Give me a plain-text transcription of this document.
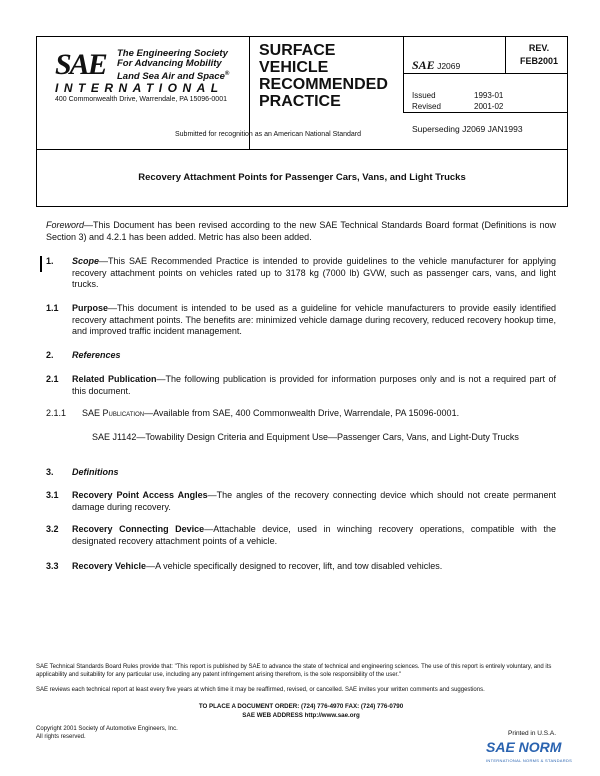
SAE The Engineering Society
For Advancing Mobility
Land Sea Air and Space®
INTERNATIONAL
400 Commonwealth Drive, Warrendale, PA 15096-0001
SURFACE
VEHICLE
RECOMMENDED
PRACTICE
Submitted for recognition as an American National Standard
SAE J2069
REV.
FEB2001
Issued	1993-01
Revised	2001-02
Superseding J2069 JAN1993
Recovery Attachment Points for Passenger Cars, Vans, and Light Trucks
Foreword—This Document has been revised according to the new SAE Technical Standards Board format (Definitions is now Section 3) and 4.2.1 has been added. Metric has also been added.
1. Scope—This SAE Recommended Practice is intended to provide guidelines to the vehicle manufacturer for applying recovery attachment points on vehicles rated up to 3178 kg (7000 lb) GVW, such as passenger cars, vans, and light trucks.
1.1 Purpose—This document is intended to be used as a guideline for vehicle manufacturers to provide easily identified recovery attachment points. The benefits are: minimized vehicle damage during recovery, reduced recovery hookup time, and improved traffic incident management.
2. References
2.1 Related Publication—The following publication is provided for information purposes only and is not a required part of this document.
2.1.1 SAE Publication—Available from SAE, 400 Commonwealth Drive, Warrendale, PA 15096-0001.
SAE J1142—Towability Design Criteria and Equipment Use—Passenger Cars, Vans, and Light-Duty Trucks
3. Definitions
3.1 Recovery Point Access Angles—The angles of the recovery connecting device which should not create permanent damage during recovery.
3.2 Recovery Connecting Device—Attachable device, used in winching recovery operations, compatible with the designated recovery attachment points of a vehicle.
3.3 Recovery Vehicle—A vehicle specifically designed to recover, lift, and tow disabled vehicles.
SAE Technical Standards Board Rules provide that: "This report is published by SAE to advance the state of technical and engineering sciences. The use of this report is entirely voluntary, and its applicability and suitability for any particular use, including any patent infringement arising therefrom, is the sole responsibility of the user."
SAE reviews each technical report at least every five years at which time it may be reaffirmed, revised, or cancelled. SAE invites your written comments and suggestions.
TO PLACE A DOCUMENT ORDER: (724) 776-4970 FAX: (724) 776-0790
SAE WEB ADDRESS http://www.sae.org
Copyright 2001 Society of Automotive Engineers, Inc.
All rights reserved.	Printed in U.S.A.
SAE NORM
INTERNATIONAL NORMS & STANDARDS
